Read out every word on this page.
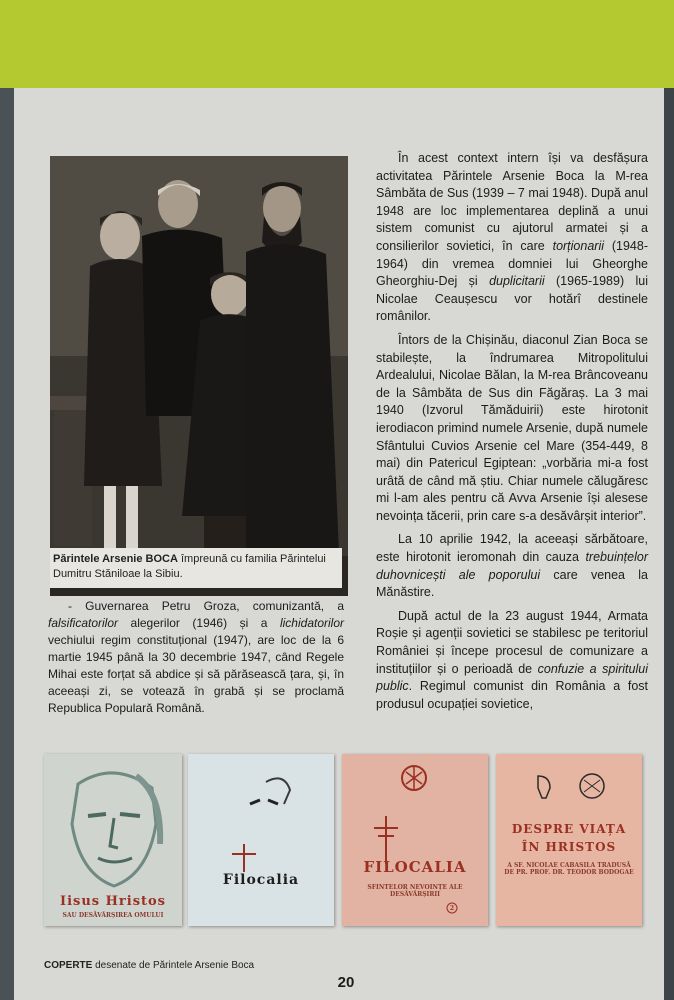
Părintele Arsenie BOCA împreună cu familia Părintelui Dumitru Stăniloae la Sibiu.

- Guvernarea Petru Groza, comunizantă, a falsificatorilor alegerilor (1946) și a lichidatorilor vechiului regim constituțional (1947), are loc de la 6 martie 1945 până la 30 decembrie 1947, când Regele Mihai este forțat să abdice și să părăsească țara, și, în aceeași zi, se votează în grabă și se proclamă Republica Populară Română.

În acest context intern își va desfășura activitatea Părintele Arsenie Boca la M-rea Sâmbăta de Sus (1939 – 7 mai 1948). După anul 1948 are loc implementarea deplină a unui sistem comunist cu ajutorul armatei și a consilierilor sovietici, în care torționarii (1948-1964) din vremea domniei lui Gheorghe Gheorghiu-Dej și duplicitarii (1965-1989) lui Nicolae Ceaușescu vor hotărî destinele românilor.

Întors de la Chișinău, diaconul Zian Boca se stabilește, la îndrumarea Mitropolitului Ardealului, Nicolae Bălan, la M-rea Brâncoveanu de la Sâmbăta de Sus din Făgăraș. La 3 mai 1940 (Izvorul Tămăduirii) este hirotonit ierodiacon primind numele Arsenie, după numele Sfântului Cuvios Arsenie cel Mare (354-449, 8 mai) din Patericul Egiptean: „vorbăria mi-a fost urâtă de când mă știu. Chiar numele călugăresc mi l-am ales pentru că Avva Arsenie își alesese nevoința tăcerii, prin care s-a desăvârșit interior”.

La 10 aprilie 1942, la aceeași sărbătoare, este hirotonit ieromonah din cauza trebuințelor duhovnicești ale poporului care venea la Mănăstire.

După actul de la 23 august 1944, Armata Roșie și agenții sovietici se stabilesc pe teritoriul României și începe procesul de comunizare a instituțiilor și o perioadă de confuzie a spiritului public. Regimul comunist din România a fost produsul ocupației sovietice,

Iisus Hristos
SAU DESĂVÂRȘIREA OMULUI
Filocalia
FILOCALIA
SFINTELOR NEVOINȚE ALE DESĂVÂRȘIRII
2
DESPRE VIAȚA
ÎN HRISTOS
A SF. NICOLAE CABASILA TRADUSĂ DE PR. PROF. DR. TEODOR BODOGAE
COPERTE desenate de Părintele Arsenie Boca
20
